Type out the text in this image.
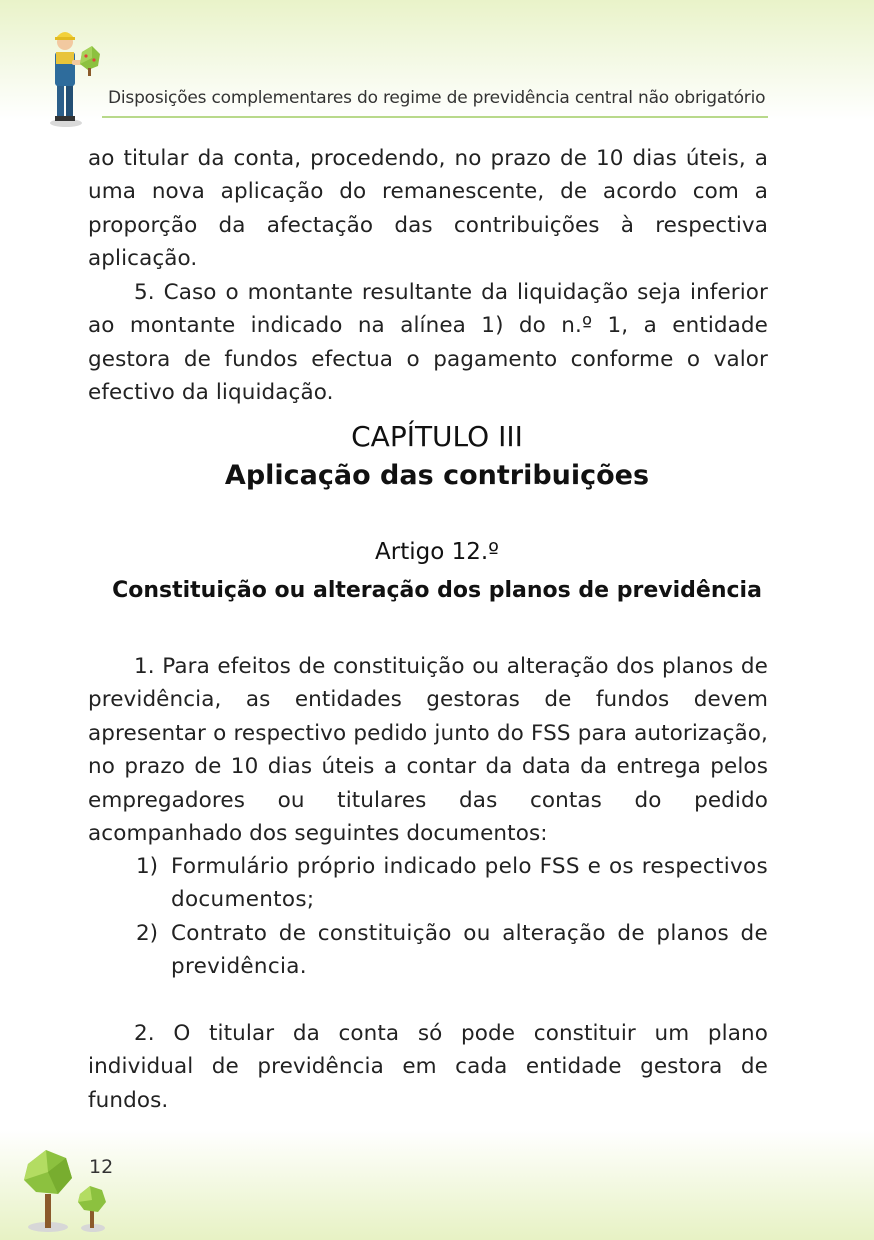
Disposições complementares do regime de previdência central não obrigatório
ao titular da conta, procedendo, no prazo de 10 dias úteis, a uma nova aplicação do remanescente, de acordo com a proporção da afectação das contribuições à respectiva aplicação.
5. Caso o montante resultante da liquidação seja inferior ao montante indicado na alínea 1) do n.º 1, a entidade gestora de fundos efectua o pagamento conforme o valor efectivo da liquidação.
CAPÍTULO III
Aplicação das contribuições
Artigo 12.º
Constituição ou alteração dos planos de previdência
1. Para efeitos de constituição ou alteração dos planos de previdência, as entidades gestoras de fundos devem apresentar o respectivo pedido junto do FSS para autorização, no prazo de 10 dias úteis a contar da data da entrega pelos empregadores ou titulares das contas do pedido acompanhado dos seguintes documentos:
1) Formulário próprio indicado pelo FSS e os respectivos documentos;
2) Contrato de constituição ou alteração de planos de previdência.
2. O titular da conta só pode constituir um plano individual de previdência em cada entidade gestora de fundos.
12
